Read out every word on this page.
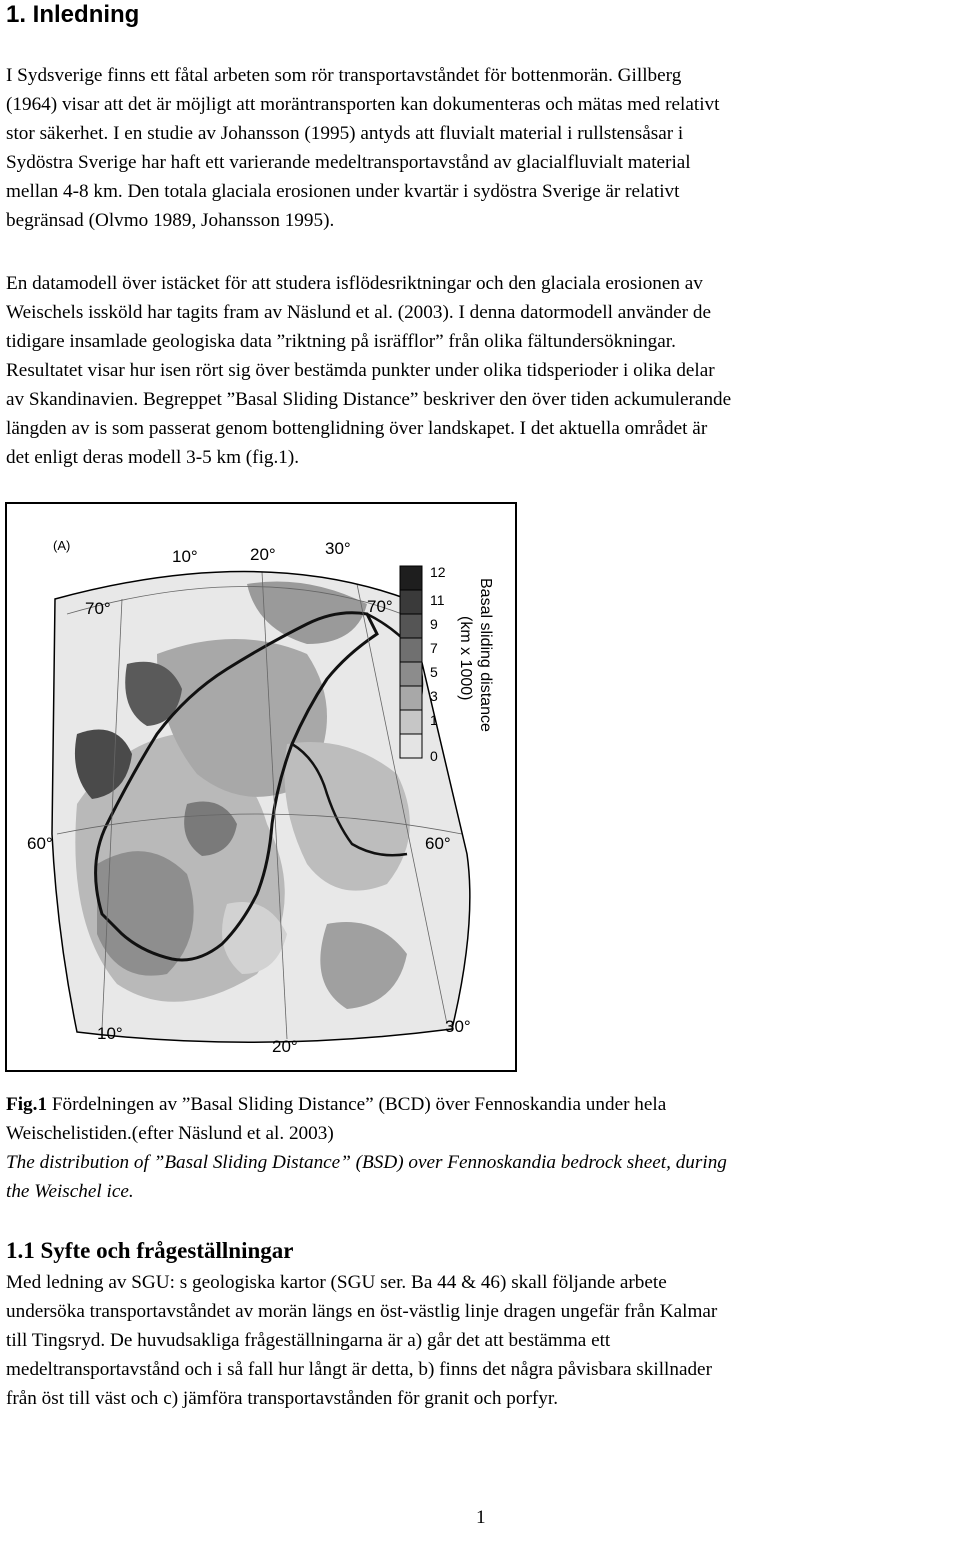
1. Inledning

I Sydsverige finns ett fåtal arbeten som rör transportavståndet för bottenmorän. Gillberg
(1964) visar att det är möjligt att moräntransporten kan dokumenteras och mätas med relativt
stor säkerhet. I en studie av Johansson (1995) antyds att fluvialt material i rullstensåsar i
Sydöstra Sverige har haft ett varierande medeltransportavstånd av glacialfluvialt material
mellan 4-8 km. Den totala glaciala erosionen under kvartär i sydöstra Sverige är relativt
begränsad (Olvmo 1989, Johansson 1995).

En datamodell över istäcket för att studera isflödesriktningar och den glaciala erosionen av
Weischels issköld har tagits fram av Näslund et al. (2003). I denna datormodell använder de
tidigare insamlade geologiska data ”riktning på isräfflor” från olika fältundersökningar.
Resultatet visar hur isen rört sig över bestämda punkter under olika tidsperioder i olika delar
av Skandinavien. Begreppet ”Basal Sliding Distance” beskriver den över tiden ackumulerande
längden av is som passerat genom bottenglidning över landskapet. I det aktuella området är
det enligt deras modell 3-5 km (fig.1).

(A)
10°	20°	30°
70°	70°
60°	60°
30°
10°
20°
12
11
9
7
5
3
1
0
Basal sliding distance
(km x 1000)
Fig.1 Fördelningen av ”Basal Sliding Distance” (BCD) över Fennoskandia under hela
Weischelistiden.(efter Näslund et al. 2003)
The distribution of ”Basal Sliding Distance” (BSD) over Fennoskandia bedrock sheet, during
the Weischel ice.
1.1 Syfte och frågeställningar

Med ledning av SGU: s geologiska kartor (SGU ser. Ba 44 & 46) skall följande arbete
undersöka transportavståndet av morän längs en öst-västlig linje dragen ungefär från Kalmar
till Tingsryd. De huvudsakliga frågeställningarna är a) går det att bestämma ett
medeltransportavstånd och i så fall hur långt är detta, b) finns det några påvisbara skillnader
från öst till väst och c) jämföra transportavstånden för granit och porfyr.

1
